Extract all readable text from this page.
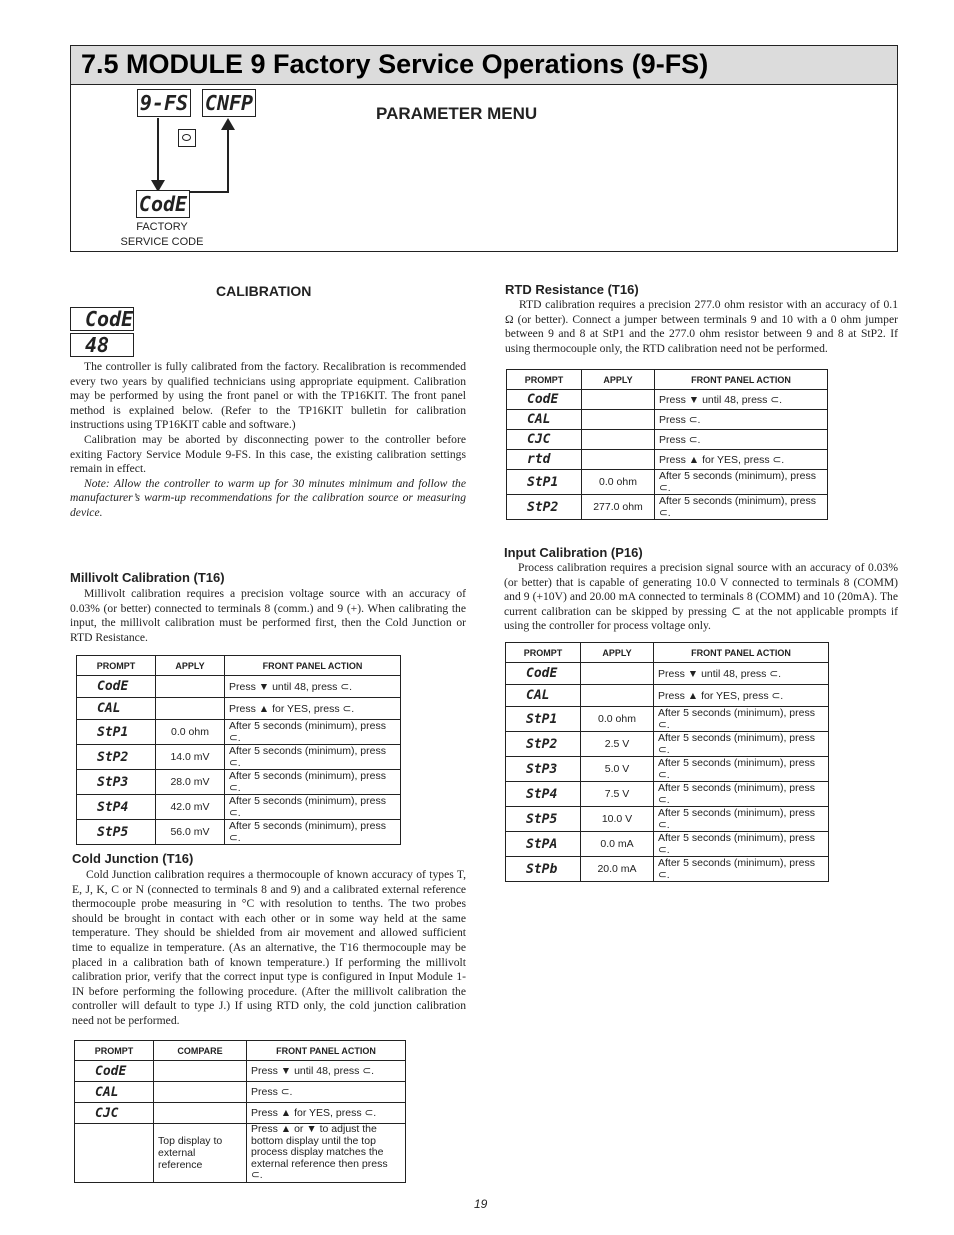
7.5 MODULE 9 Factory Service Operations (9-FS)
9-FS CNFP
CodE
FACTORY
SERVICE CODE
PARAMETER MENU
CALIBRATION
CodE
48

The controller is fully calibrated from the factory. Recalibration is recommended every two years by qualified technicians using appropriate equipment. Calibration may be performed by using the front panel or with the TP16KIT. The front panel method is explained below. (Refer to the TP16KIT bulletin for calibration instructions using TP16KIT cable and software.)

Calibration may be aborted by disconnecting power to the controller before exiting Factory Service Module 9-FS. In this case, the existing calibration settings remain in effect.

Note: Allow the controller to warm up for 30 minutes minimum and follow the manufacturer’s warm-up recommendations for the calibration source or measuring device.

Millivolt Calibration (T16)

Millivolt calibration requires a precision voltage source with an accuracy of 0.03% (or better) connected to terminals 8 (comm.) and 9 (+). When calibrating the input, the millivolt calibration must be performed first, then the Cold Junction or RTD Resistance.

PROMPT	APPLY	FRONT PANEL ACTION
CodE		Press ▼ until 48, press ⊂.
CAL		Press ▲ for YES, press ⊂.
StP1	0.0 ohm	After 5 seconds (minimum), press ⊂.
StP2	14.0 mV	After 5 seconds (minimum), press ⊂.
StP3	28.0 mV	After 5 seconds (minimum), press ⊂.
StP4	42.0 mV	After 5 seconds (minimum), press ⊂.
StP5	56.0 mV	After 5 seconds (minimum), press ⊂.
Cold Junction (T16)

Cold Junction calibration requires a thermocouple of known accuracy of types T, E, J, K, C or N (connected to terminals 8 and 9) and a calibrated external reference thermocouple probe measuring in °C with resolution to tenths. The two probes should be brought in contact with each other or in some way held at the same temperature. They should be shielded from air movement and allowed sufficient time to equalize in temperature. (As an alternative, the T16 thermocouple may be placed in a calibration bath of known temperature.) If performing the millivolt calibration prior, verify that the correct input type is configured in Input Module 1-IN before performing the following procedure. (After the millivolt calibration the controller will default to type J.) If using RTD only, the cold junction calibration need not be performed.

PROMPT	COMPARE	FRONT PANEL ACTION
CodE		Press ▼ until 48, press ⊂.
CAL		Press ⊂.
CJC		Press ▲ for YES, press ⊂.
	Top display to external reference	Press ▲ or ▼ to adjust the bottom display until the top process display matches the external reference then press ⊂.
RTD Resistance (T16)

RTD calibration requires a precision 277.0 ohm resistor with an accuracy of 0.1 Ω (or better). Connect a jumper between terminals 9 and 10 with a 0 ohm jumper between 9 and 8 at StP1 and the 277.0 ohm resistor between 9 and 8 at StP2. If using thermocouple only, the RTD calibration need not be performed.

PROMPT	APPLY	FRONT PANEL ACTION
CodE		Press ▼ until 48, press ⊂.
CAL		Press ⊂.
CJC		Press ⊂.
rtd		Press ▲ for YES, press ⊂.
StP1	0.0 ohm	After 5 seconds (minimum), press ⊂.
StP2	277.0 ohm	After 5 seconds (minimum), press ⊂.
Input Calibration (P16)

Process calibration requires a precision signal source with an accuracy of 0.03% (or better) that is capable of generating 10.0 V connected to terminals 8 (COMM) and 9 (+10V) and 20.00 mA connected to terminals 8 (COMM) and 10 (20mA). The current calibration can be skipped by pressing ⊂ at the not applicable prompts if using the controller for process voltage only.

PROMPT	APPLY	FRONT PANEL ACTION
CodE		Press ▼ until 48, press ⊂.
CAL		Press ▲ for YES, press ⊂.
StP1	0.0 ohm	After 5 seconds (minimum), press ⊂.
StP2	2.5 V	After 5 seconds (minimum), press ⊂.
StP3	5.0 V	After 5 seconds (minimum), press ⊂.
StP4	7.5 V	After 5 seconds (minimum), press ⊂.
StP5	10.0 V	After 5 seconds (minimum), press ⊂.
StPA	0.0 mA	After 5 seconds (minimum), press ⊂.
StPb	20.0 mA	After 5 seconds (minimum), press ⊂.
19
